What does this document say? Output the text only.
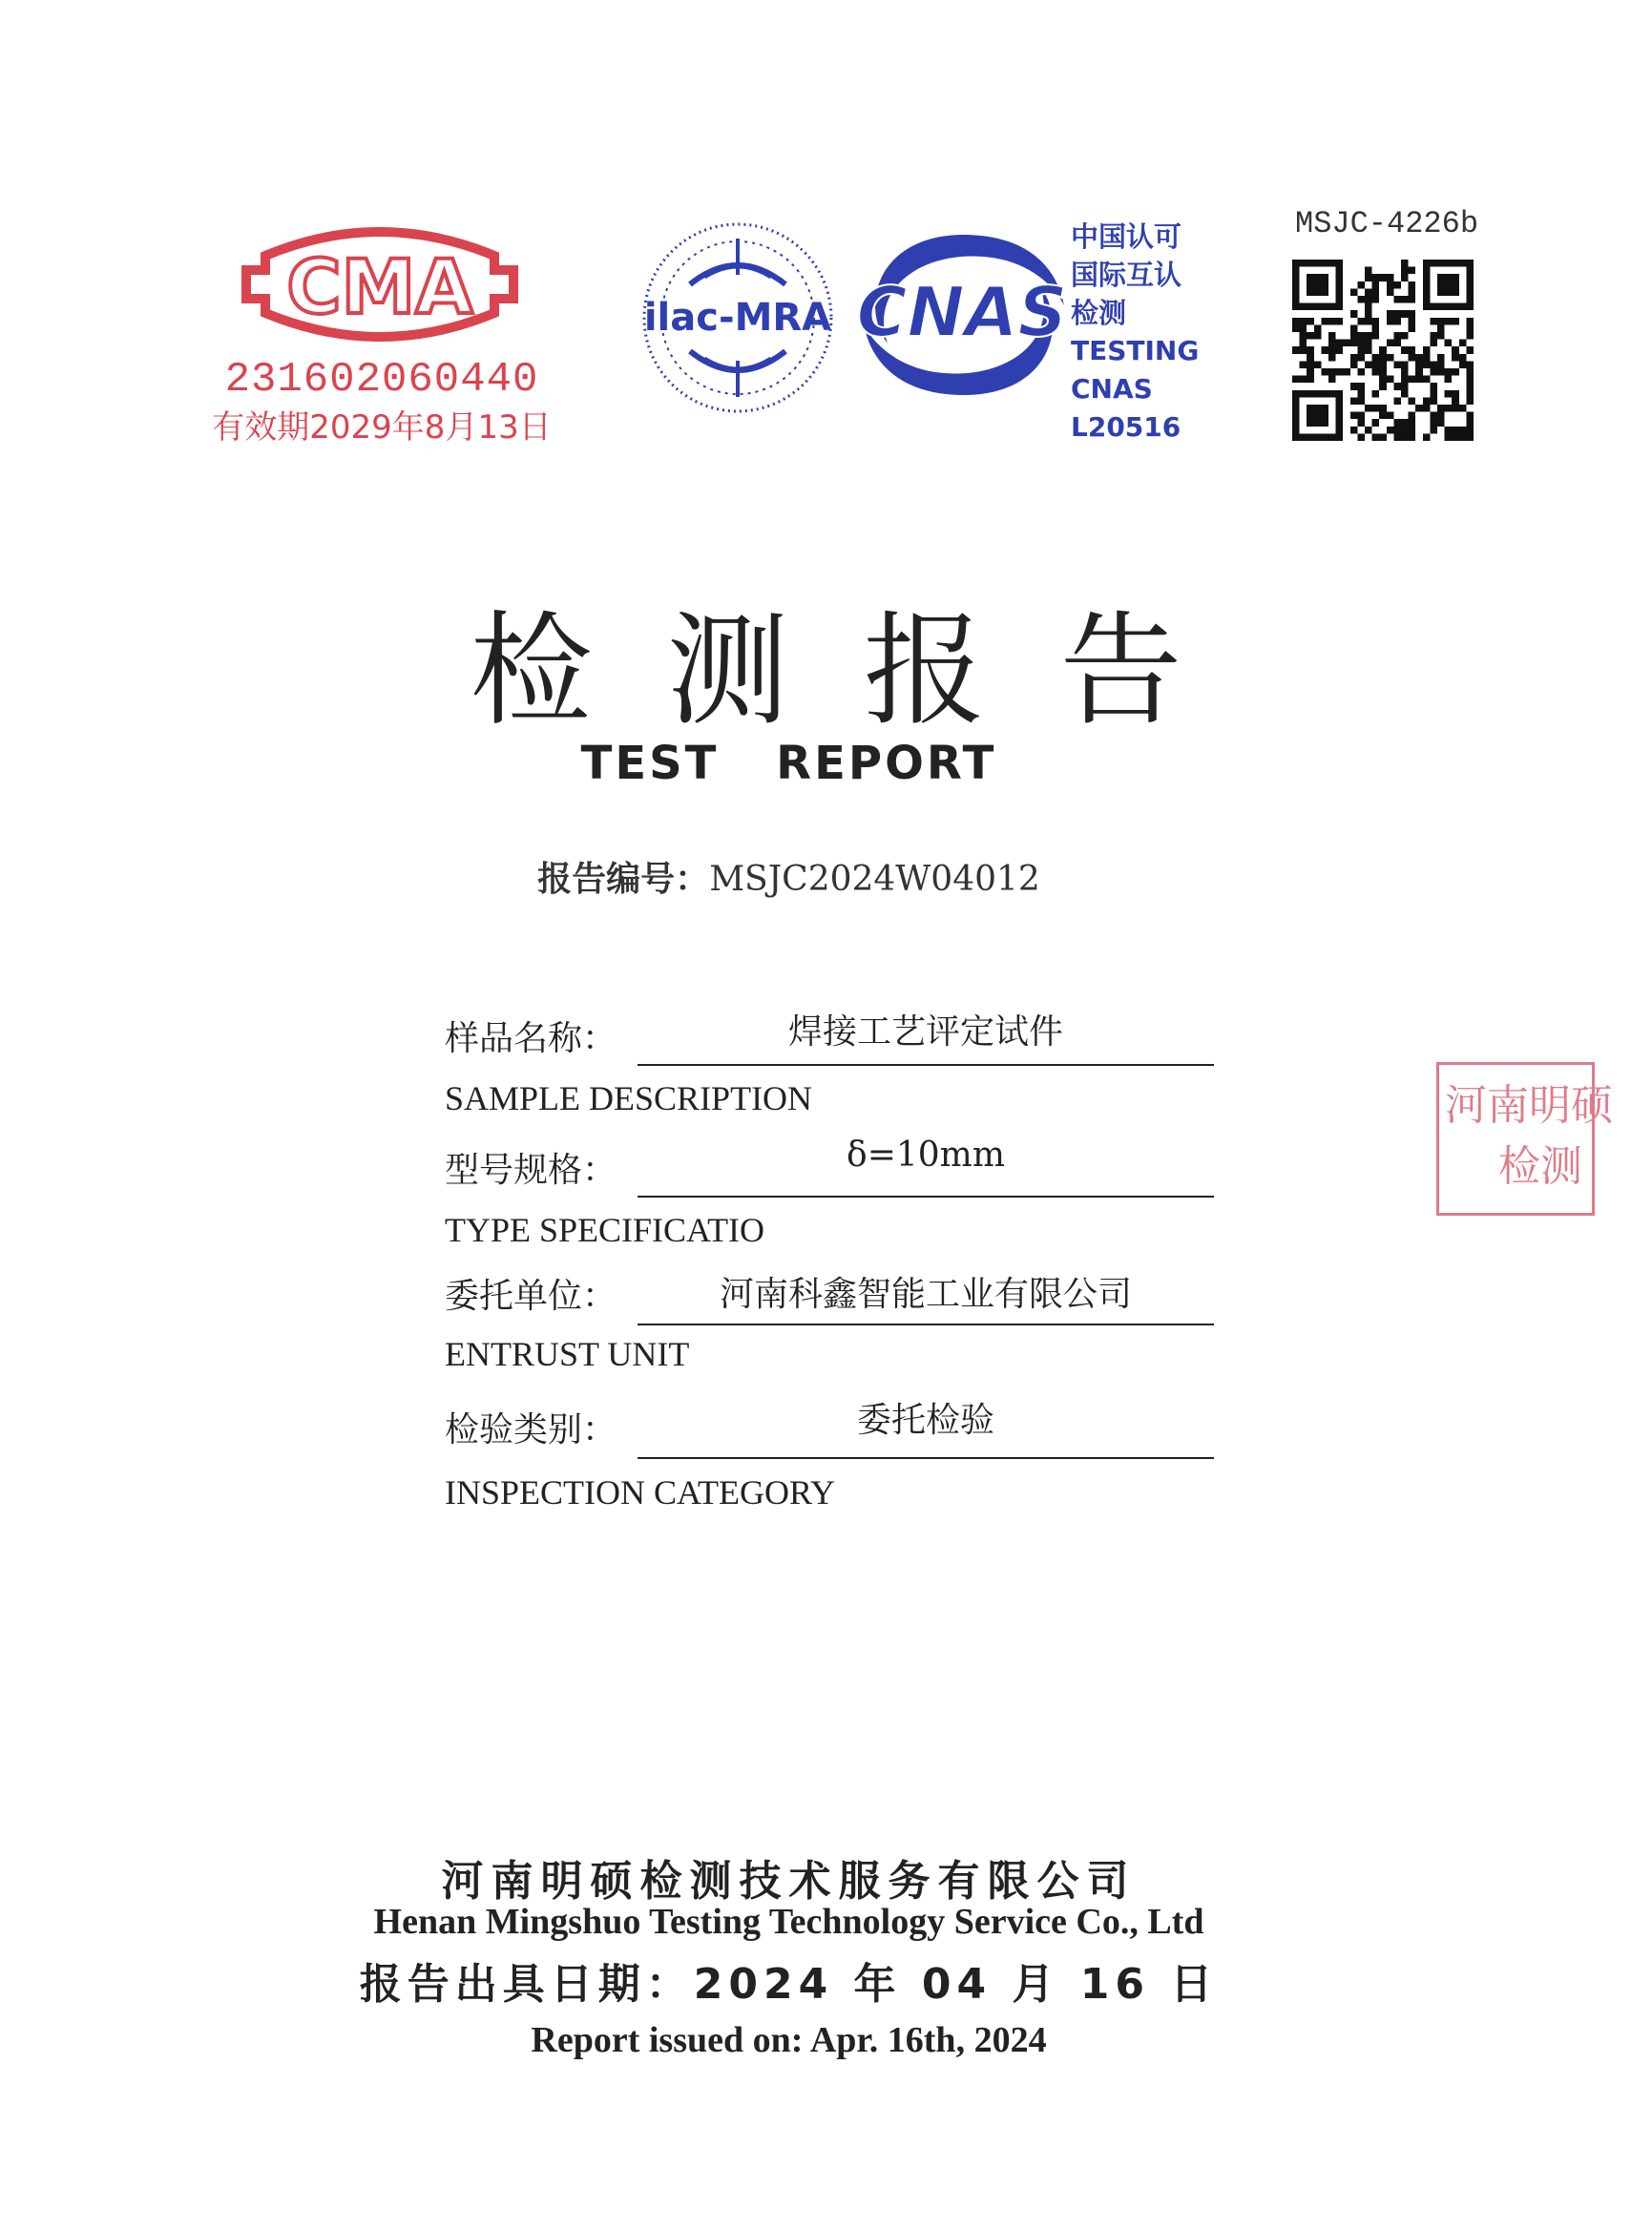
CMA
231602060440
有效期2029年8月13日
ilac-MRA CNAS
中国认可
国际互认
检测
TESTING
CNAS L20516
MSJC-4226b
检测报告
TEST REPORT
报告编号：MSJC2024W04012
样品名称：	焊接工艺评定试件
SAMPLE DESCRIPTION
型号规格：	δ=10mm
TYPE SPECIFICATIO
委托单位：	河南科鑫智能工业有限公司
ENTRUST UNIT
检验类别：	委托检验
INSPECTION CATEGORY
河南明硕
检测
河南明硕检测技术服务有限公司
Henan Mingshuo Testing Technology Service Co., Ltd
报告出具日期：2024 年 04 月 16 日
Report issued on: Apr. 16th, 2024
